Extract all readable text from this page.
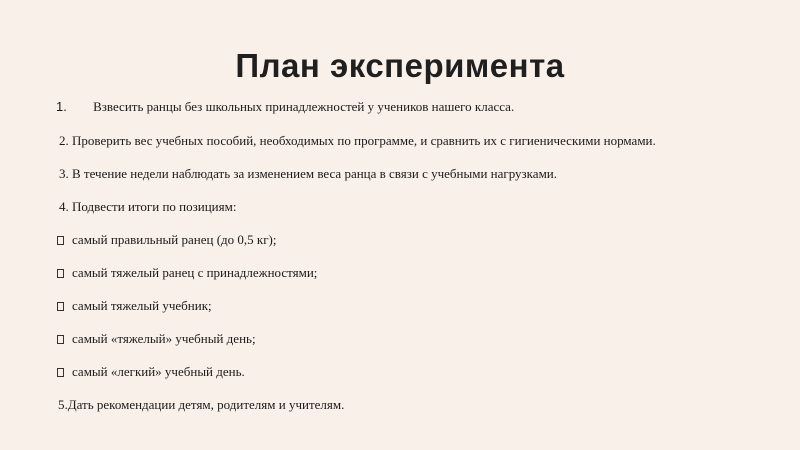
План эксперимента
1. Взвесить ранцы без школьных принадлежностей у учеников нашего класса.
2. Проверить вес учебных пособий, необходимых по программе, и сравнить их с гигиеническими нормами.
3. В течение недели наблюдать за изменением веса ранца в связи с учебными нагрузками.
4. Подвести итоги по позициям:
самый правильный ранец (до 0,5 кг);
самый тяжелый ранец с принадлежностями;
самый тяжелый учебник;
самый «тяжелый» учебный день;
самый «легкий» учебный день.
5.Дать рекомендации детям, родителям и учителям.
